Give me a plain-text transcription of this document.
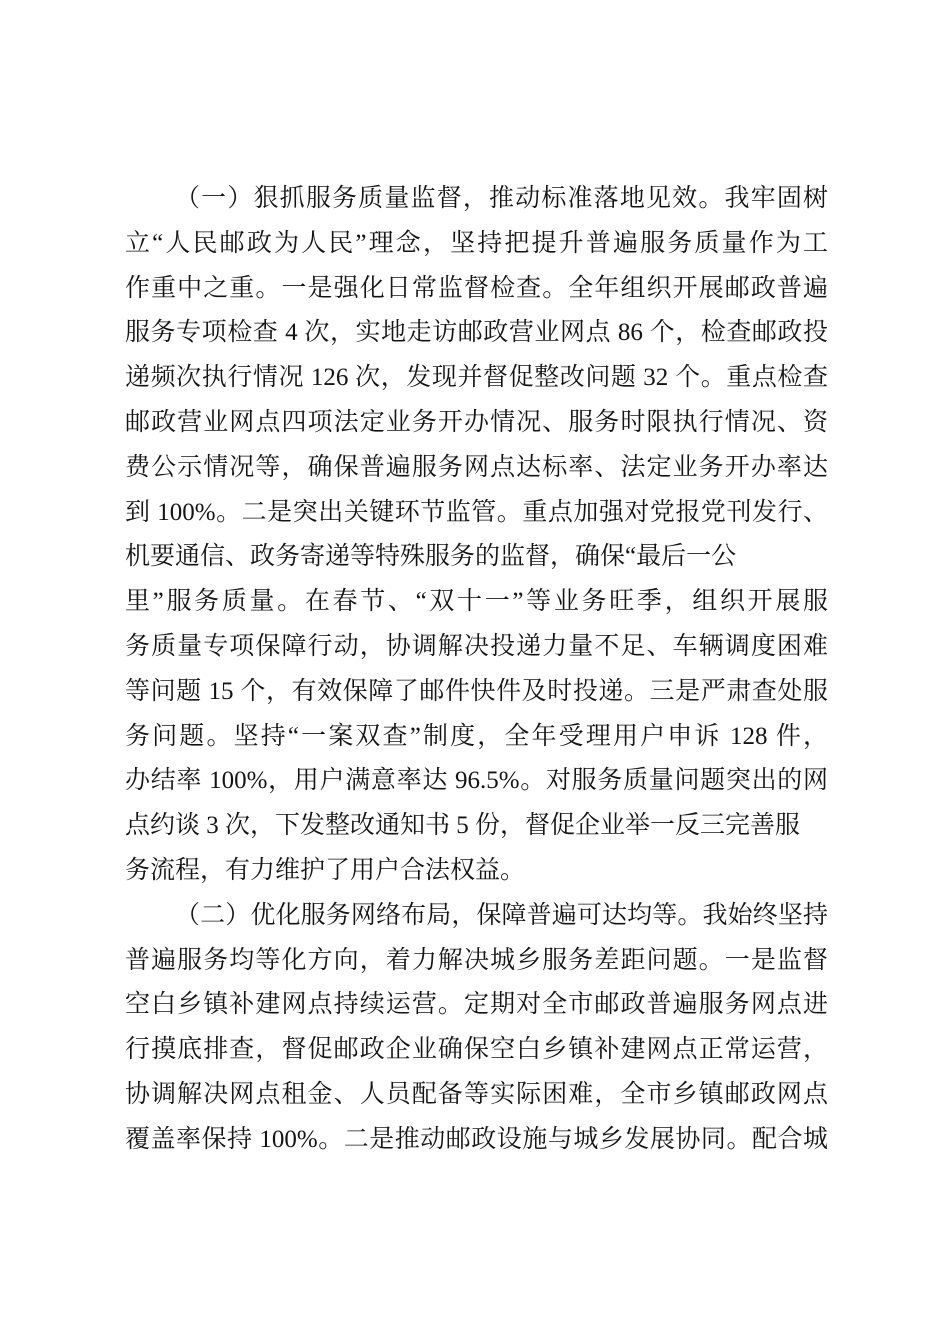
（一）狠抓服务质量监督，推动标准落地见效。我牢固树
立“人民邮政为人民”理念，坚持把提升普遍服务质量作为工
作重中之重。一是强化日常监督检查。全年组织开展邮政普遍
服务专项检查 4 次，实地走访邮政营业网点 86 个，检查邮政投
递频次执行情况 126 次，发现并督促整改问题 32 个。重点检查
邮政营业网点四项法定业务开办情况、服务时限执行情况、资
费公示情况等，确保普遍服务网点达标率、法定业务开办率达
到 100%。二是突出关键环节监管。重点加强对党报党刊发行、
机要通信、政务寄递等特殊服务的监督，确保“最后一公
里”服务质量。在春节、“双十一”等业务旺季，组织开展服
务质量专项保障行动，协调解决投递力量不足、车辆调度困难
等问题 15 个，有效保障了邮件快件及时投递。三是严肃查处服
务问题。坚持“一案双查”制度，全年受理用户申诉 128 件，
办结率 100%，用户满意率达 96.5%。对服务质量问题突出的网
点约谈 3 次，下发整改通知书 5 份，督促企业举一反三完善服
务流程，有力维护了用户合法权益。
（二）优化服务网络布局，保障普遍可达均等。我始终坚持
普遍服务均等化方向，着力解决城乡服务差距问题。一是监督
空白乡镇补建网点持续运营。定期对全市邮政普遍服务网点进
行摸底排查，督促邮政企业确保空白乡镇补建网点正常运营，
协调解决网点租金、人员配备等实际困难，全市乡镇邮政网点
覆盖率保持 100%。二是推动邮政设施与城乡发展协同。配合城
